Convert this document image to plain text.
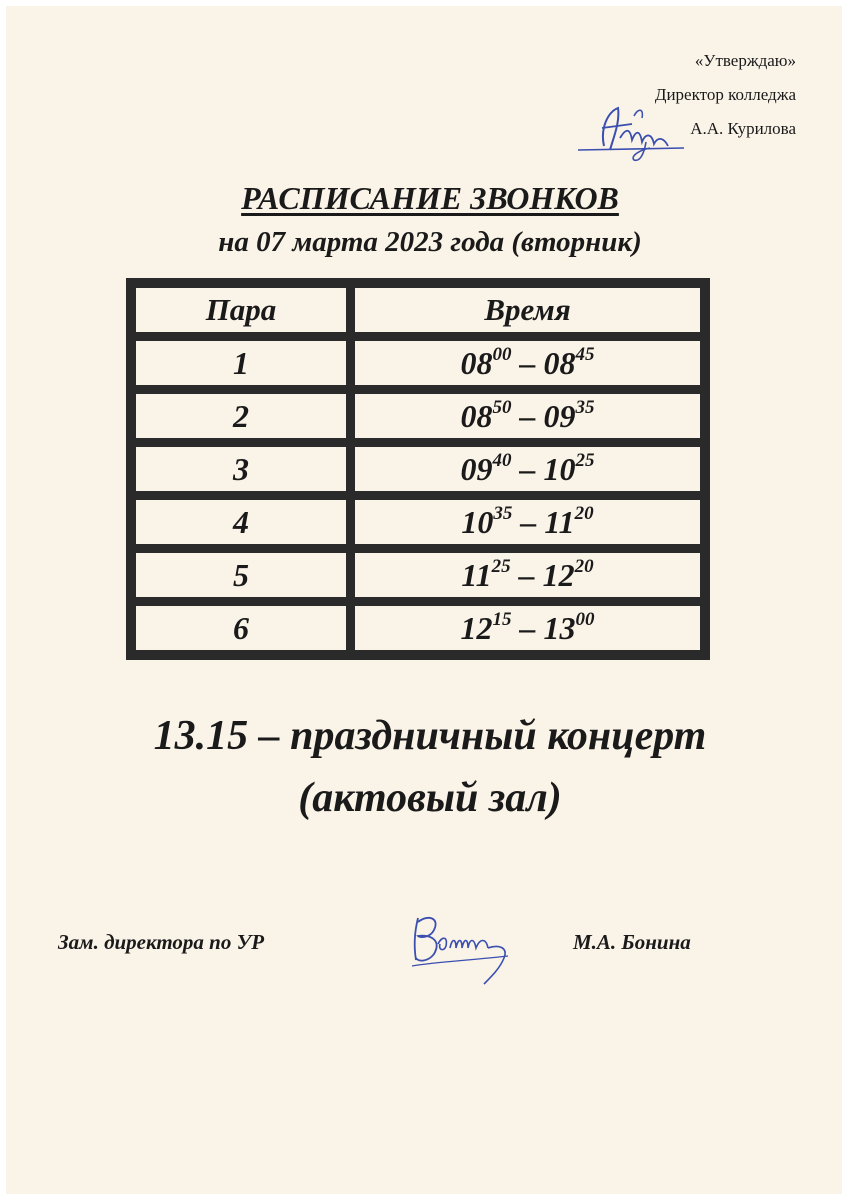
«Утверждаю»
Директор колледжа
А.А. Курилова
РАСПИСАНИЕ ЗВОНКОВ
на 07 марта 2023 года (вторник)
Пара	Время
1	$08^{00} - 08^{45}$
2	$08^{50} - 09^{35}$
3	$09^{40} - 10^{25}$
4	$10^{35} - 11^{20}$
5	$11^{25} - 12^{20}$
6	$12^{15} - 13^{00}$
13.15 – праздничный концерт
(актовый зал)
Зам. директора по УР	М.А. Бонина
